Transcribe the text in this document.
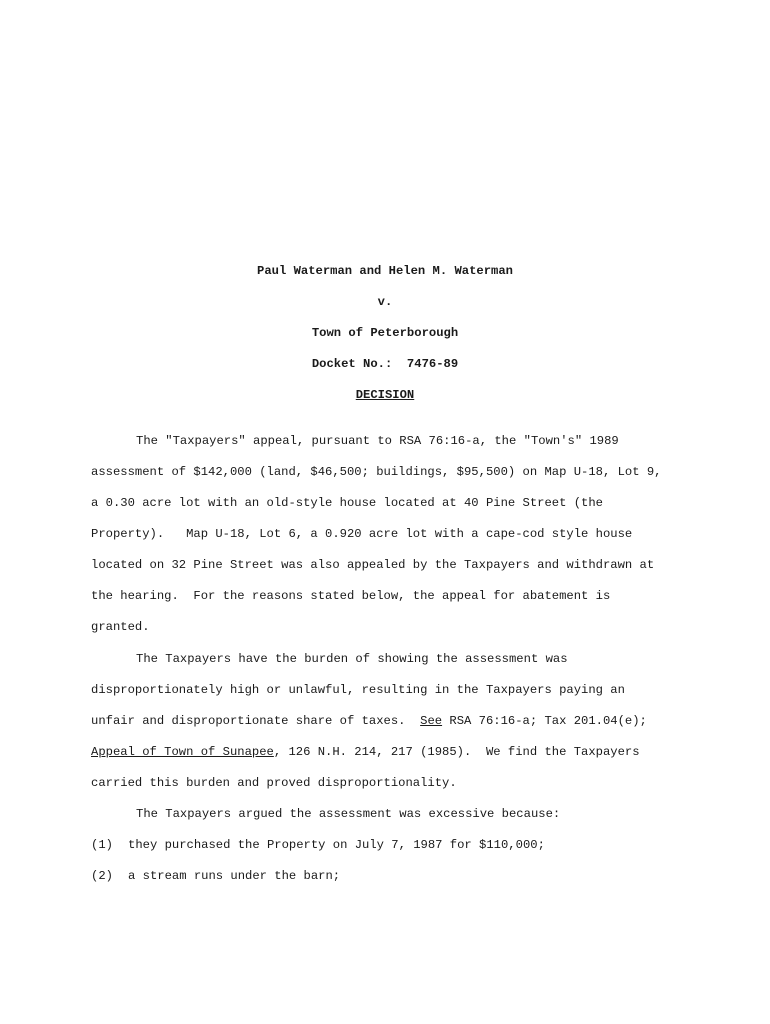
Paul Waterman and Helen M. Waterman
v.
Town of Peterborough
Docket No.:  7476-89
DECISION
The "Taxpayers" appeal, pursuant to RSA 76:16-a, the "Town's" 1989
assessment of $142,000 (land, $46,500; buildings, $95,500) on Map U-18, Lot 9,
a 0.30 acre lot with an old-style house located at 40 Pine Street (the
Property).   Map U-18, Lot 6, a 0.920 acre lot with a cape-cod style house
located on 32 Pine Street was also appealed by the Taxpayers and withdrawn at
the hearing.  For the reasons stated below, the appeal for abatement is
granted.
The Taxpayers have the burden of showing the assessment was
disproportionately high or unlawful, resulting in the Taxpayers paying an
unfair and disproportionate share of taxes.  See RSA 76:16-a; Tax 201.04(e);
Appeal of Town of Sunapee, 126 N.H. 214, 217 (1985).  We find the Taxpayers
carried this burden and proved disproportionality.
The Taxpayers argued the assessment was excessive because:
(1) they purchased the Property on July 7, 1987 for $110,000;
(2) a stream runs under the barn;
